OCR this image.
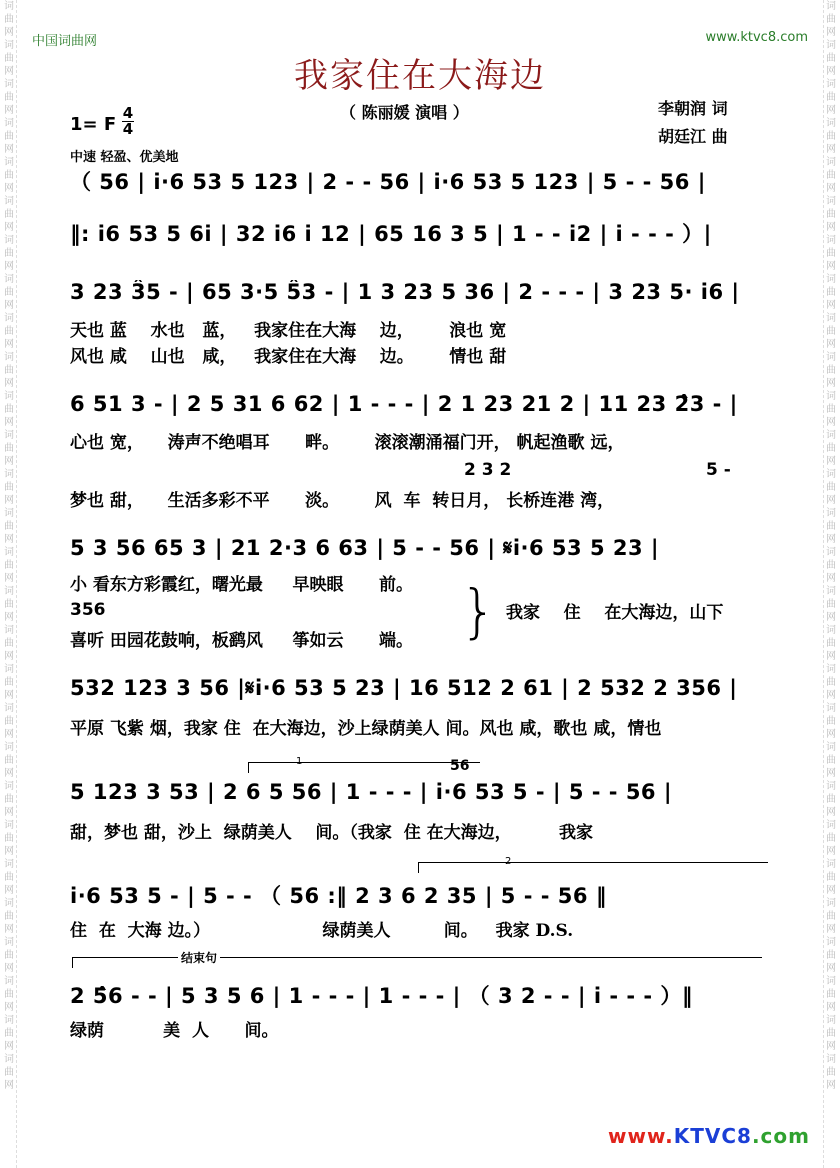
词曲网词曲网词曲网词曲网词曲网词曲网词曲网词曲网词曲网词曲网词曲网词曲网词曲网词曲网词曲网词曲网词曲网词曲网词曲网词曲网词曲网词曲网词曲网词曲网词曲网词曲网词曲网词曲网
词曲网词曲网词曲网词曲网词曲网词曲网词曲网词曲网词曲网词曲网词曲网词曲网词曲网词曲网词曲网词曲网词曲网词曲网词曲网词曲网词曲网词曲网词曲网词曲网词曲网词曲网词曲网词曲网
中国词曲网	www.ktvc8.com
我家住在大海边
（ 陈丽媛 演唱 ）	李朝润 词
胡廷江 曲
1= F
4
4
中速 轻盈、优美地
（ 56 | i·6 53 5 123 | 2 - - 56 | i·6 53 5 123 | 5 - - 56 |
‖: i6 53 5 6i | 32 i6 i 12 | 65 16 3 5 | 1 - - i2 | i - - - ）|
3 23 3̂5 - | 65 3·5 5̂3 - | 1 3 23 5 36 | 2 - - - | 3 23 5· i6 |
天也 蓝    水也   蓝，   我家住在大海    边，      浪也 宽
风也 咸    山也   咸，   我家住在大海    边。      情也 甜
6 51 3 - | 2 5 31 6 62 | 1 - - - | 2 1 23 21 2 | 11 23 2̂3 - |
心也 宽，    涛声不绝唱耳      畔。      滚滚潮涌福门开， 帆起渔歌 远，
2 3 2	5 -
梦也 甜，    生活多彩不平      淡。      风  车  转日月， 长桥连港 湾，
5 3 56 65 3 | 21 2·3 6 63 | 5 - - 56 | 𝄋i·6 53 5 23 |
小 看东方彩霞红，曙光最     早映眼      前。
356
喜听 田园花鼓响，板鹞风     筝如云      端。 } 我家    住    在大海边，山下
532 123 3 56 |𝄋i·6 53 5 23 | 16 512 2 61 | 2 532 2 356 |
平原 飞紫 烟，我家 住  在大海边，沙上绿荫美人 间。风也 咸，歌也 咸，情也
1	56
5 123 3 53 | 2 6 5 56 | 1 - - - | i·6 53 5 - | 5 - - 56 |
甜，梦也 甜，沙上  绿荫美人    间。（我家  住 在大海边，        我家
2
i·6 53 5 - | 5 - - （ 56 :‖ 2 3 6 2 35 | 5 - - 56 ‖
住  在  大海 边。）                   绿荫美人         间。   我家 D.S.
结束句
2 5̂6 - - | 5 3 5 6 | 1 - - - | 1 - - - | （ 3 2 - - | i - - - ）‖
绿荫          美  人      间。
www.KTVC8.com
